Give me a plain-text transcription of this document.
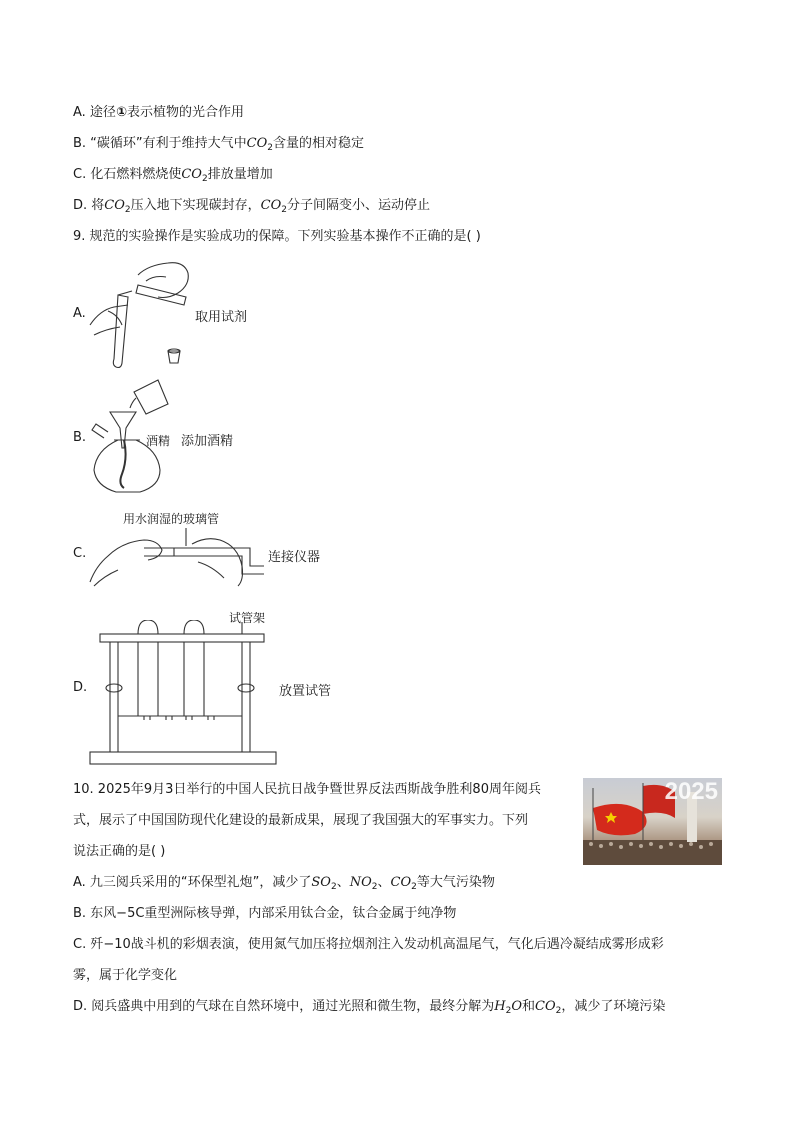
A. 途径①表示植物的光合作用
B. “碳循环”有利于维持大气中$CO_2$含量的相对稳定
C. 化石燃料燃烧使$CO_2$排放量增加
D. 将$CO_2$压入地下实现碳封存，$CO_2$分子间隔变小、运动停止
9. 规范的实验操作是实验成功的保障。下列实验基本操作不正确的是( )
A.	取用试剂
B.	酒精 添加酒精
用水润湿的玻璃管
C.	连接仪器
试管架
D.	放置试管
10. 2025年9月3日举行的中国人民抗日战争暨世界反法西斯战争胜利80周年阅兵
式，展示了中国国防现代化建设的最新成果，展现了我国强大的军事实力。下列
说法正确的是( )
2025
A. 九三阅兵采用的“环保型礼炮”，减少了$SO_2$、$NO_2$、$CO_2$等大气污染物
B. 东风−5C重型洲际核导弹，内部采用钛合金，钛合金属于纯净物
C. 歼−10战斗机的彩烟表演，使用氮气加压将拉烟剂注入发动机高温尾气，气化后遇冷凝结成雾形成彩
雾，属于化学变化
D. 阅兵盛典中用到的气球在自然环境中，通过光照和微生物，最终分解为$H_2O$和$CO_2$，减少了环境污染
